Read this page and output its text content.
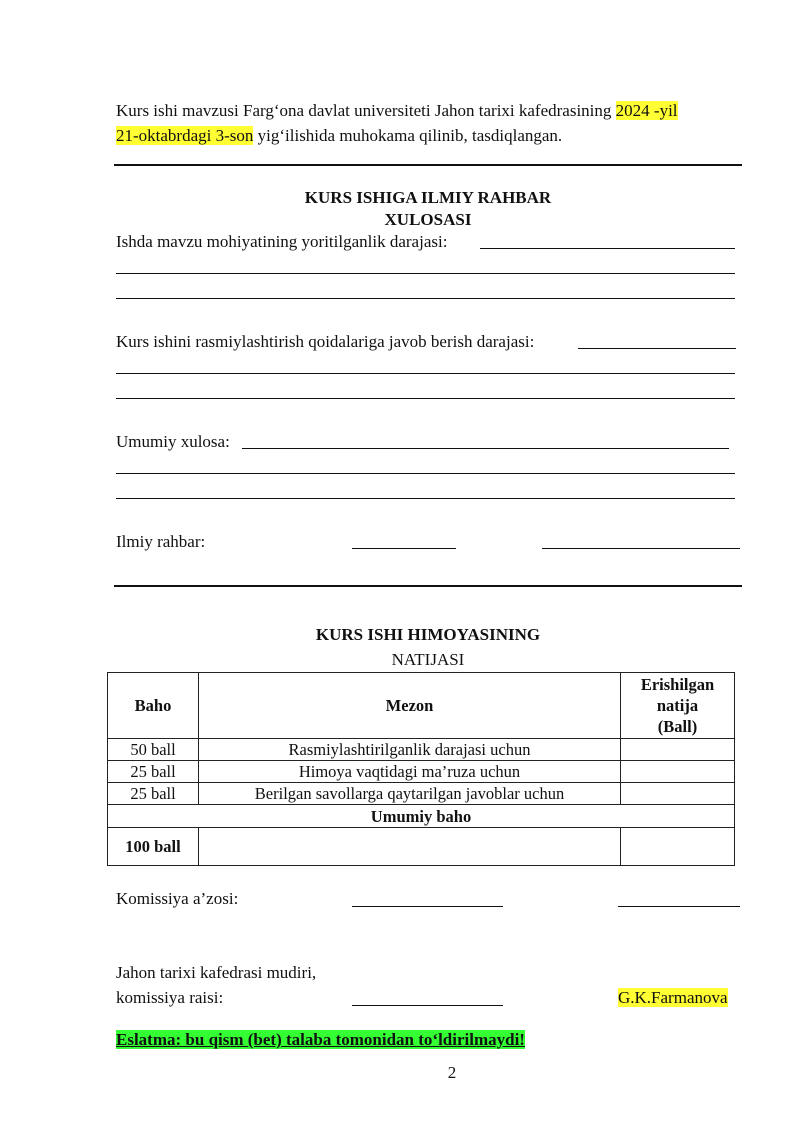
Kurs ishi mavzusi Farg‘ona davlat universiteti Jahon tarixi kafedrasining 2024 -yil
21-oktabrdagi 3-son yig‘ilishida muhokama qilinib, tasdiqlangan.
KURS ISHIGA ILMIY RAHBAR
XULOSASI
Ishda mavzu mohiyatining yoritilganlik darajasi:
Kurs ishini rasmiylashtirish qoidalariga javob berish darajasi:
Umumiy xulosa:
Ilmiy rahbar:
KURS ISHI HIMOYASINING
NATIJASI
Baho	Mezon	Erishilgan
natija
(Ball)
50 ball	Rasmiylashtirilganlik darajasi uchun	
25 ball	Himoya vaqtidagi ma’ruza uchun	
25 ball	Berilgan savollarga qaytarilgan javoblar uchun	
Umumiy baho		
100 ball		
Komissiya a’zosi:
Jahon tarixi kafedrasi mudiri,
komissiya raisi:	G.K.Farmanova
Eslatma: bu qism (bet) talaba tomonidan to‘ldirilmaydi!
2
